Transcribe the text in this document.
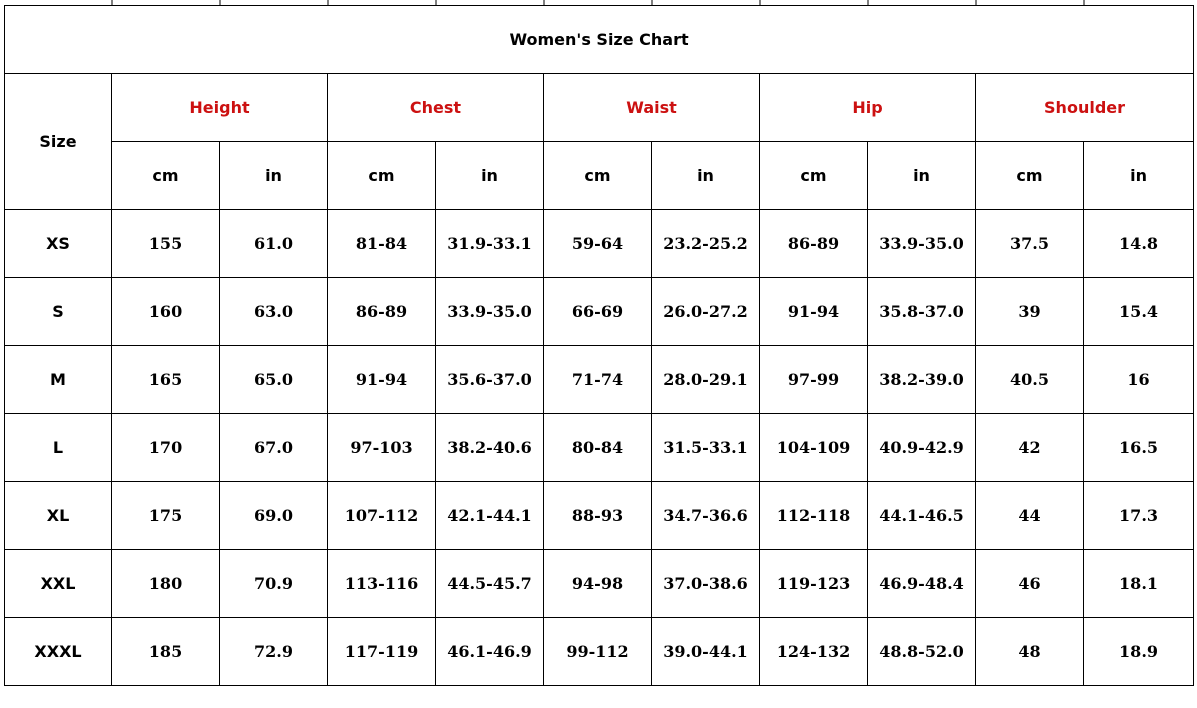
Women's Size Chart										
Size	Height		Chest		Waist		Hip		Shoulder	
	cm	in	cm	in	cm	in	cm	in	cm	in
XS	155	61.0	81-84	31.9-33.1	59-64	23.2-25.2	86-89	33.9-35.0	37.5	14.8
S	160	63.0	86-89	33.9-35.0	66-69	26.0-27.2	91-94	35.8-37.0	39	15.4
M	165	65.0	91-94	35.6-37.0	71-74	28.0-29.1	97-99	38.2-39.0	40.5	16
L	170	67.0	97-103	38.2-40.6	80-84	31.5-33.1	104-109	40.9-42.9	42	16.5
XL	175	69.0	107-112	42.1-44.1	88-93	34.7-36.6	112-118	44.1-46.5	44	17.3
XXL	180	70.9	113-116	44.5-45.7	94-98	37.0-38.6	119-123	46.9-48.4	46	18.1
XXXL	185	72.9	117-119	46.1-46.9	99-112	39.0-44.1	124-132	48.8-52.0	48	18.9
